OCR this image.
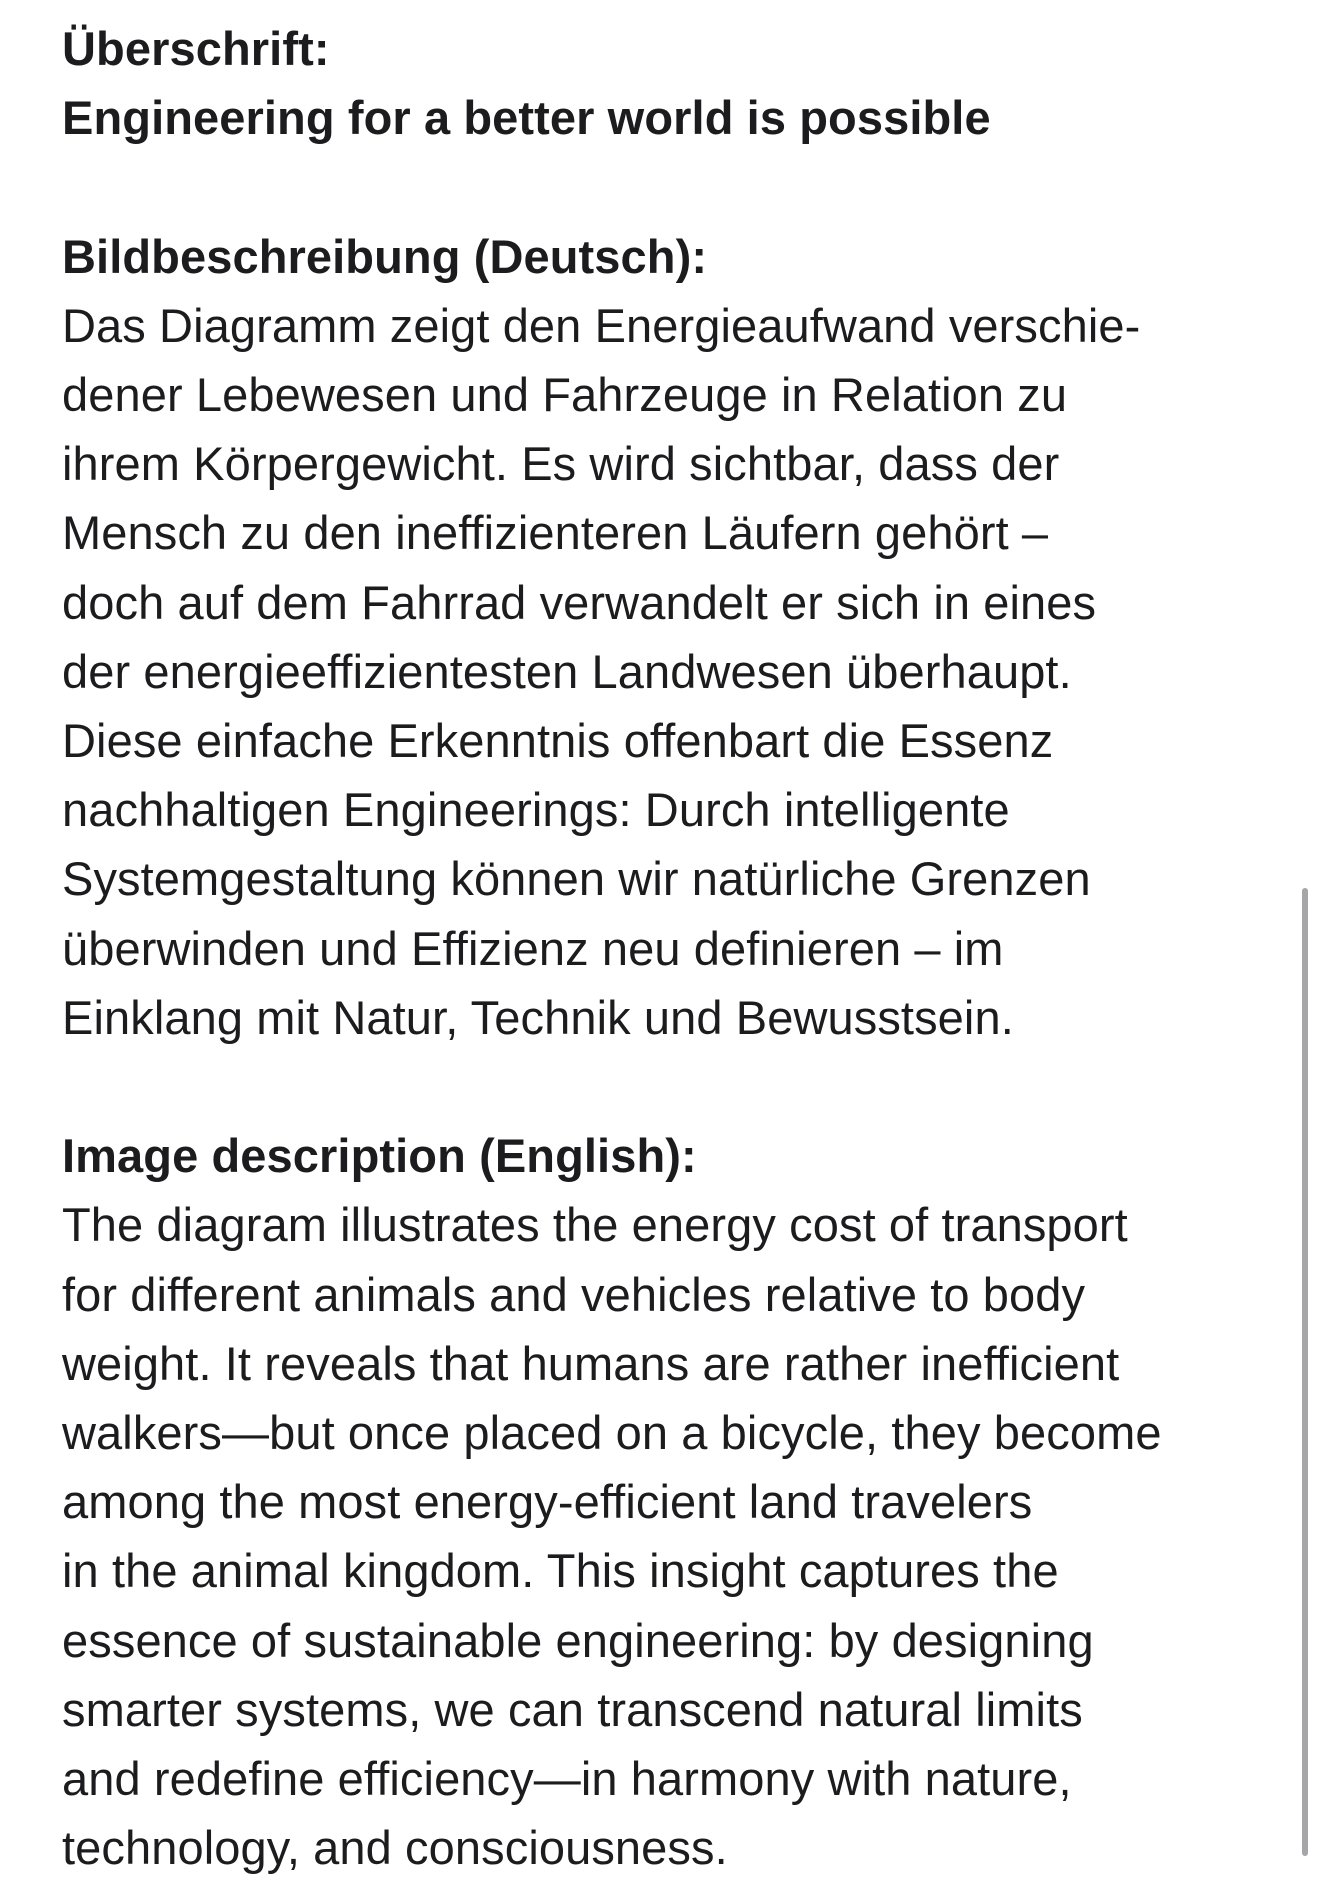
Überschrift:
Engineering for a better world is possible
Bildbeschreibung (Deutsch):
Das Diagramm zeigt den Energieaufwand verschie-
dener Lebewesen und Fahrzeuge in Relation zu
ihrem Körpergewicht. Es wird sichtbar, dass der
Mensch zu den ineffizienteren Läufern gehört –
doch auf dem Fahrrad verwandelt er sich in eines
der energieeffizientesten Landwesen überhaupt.
Diese einfache Erkenntnis offenbart die Essenz
nachhaltigen Engineerings: Durch intelligente
Systemgestaltung können wir natürliche Grenzen
überwinden und Effizienz neu definieren – im
Einklang mit Natur, Technik und Bewusstsein.
Image description (English):
The diagram illustrates the energy cost of transport
for different animals and vehicles relative to body
weight. It reveals that humans are rather inefficient
walkers—but once placed on a bicycle, they become
among the most energy-efficient land travelers
in the animal kingdom. This insight captures the
essence of sustainable engineering: by designing
smarter systems, we can transcend natural limits
and redefine efficiency—in harmony with nature,
technology, and consciousness.
